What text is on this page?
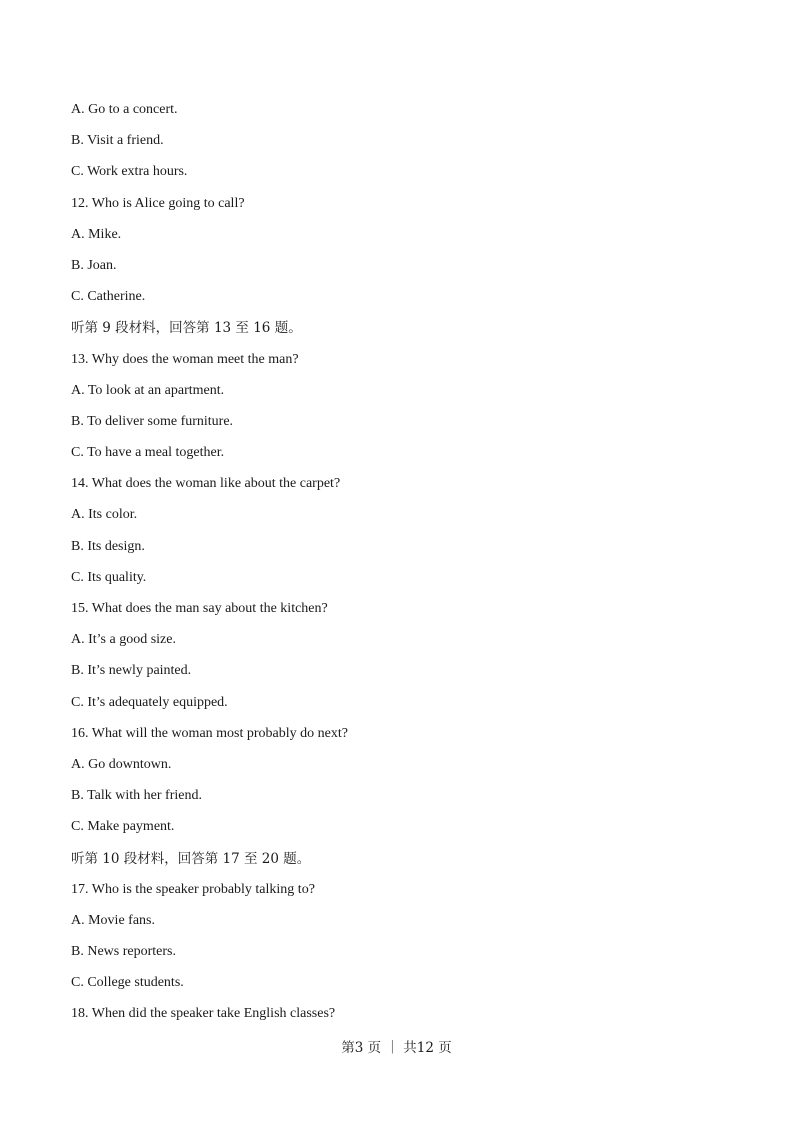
A. Go to a concert.
B. Visit a friend.
C. Work extra hours.
12. Who is Alice going to call?
A. Mike.
B. Joan.
C. Catherine.
听第 9 段材料，回答第 13 至 16 题。
13. Why does the woman meet the man?
A. To look at an apartment.
B. To deliver some furniture.
C. To have a meal together.
14. What does the woman like about the carpet?
A. Its color.
B. Its design.
C. Its quality.
15. What does the man say about the kitchen?
A. It’s a good size.
B. It’s newly painted.
C. It’s adequately equipped.
16. What will the woman most probably do next?
A. Go downtown.
B. Talk with her friend.
C. Make payment.
听第 10 段材料，回答第 17 至 20 题。
17. Who is the speaker probably talking to?
A. Movie fans.
B. News reporters.
C. College students.
18. When did the speaker take English classes?
第3 页 ｜ 共12 页
